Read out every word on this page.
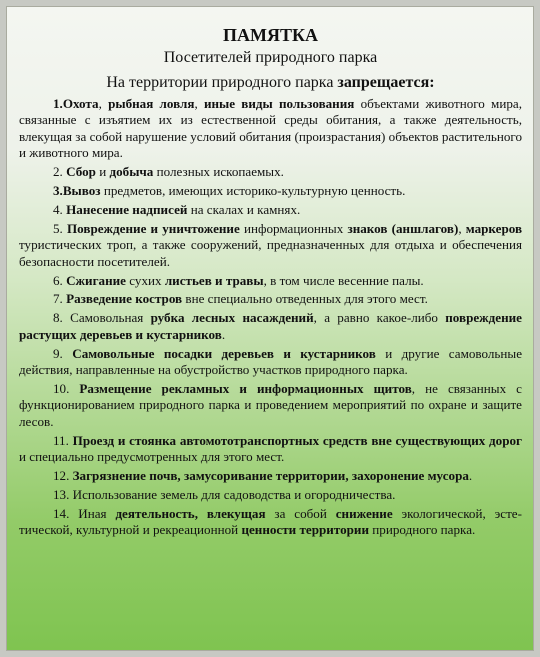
ПАМЯТКА
Посетителей природного парка
На территории природного парка запрещается:
1.Охота, рыбная ловля, иные виды пользования объектами животного мира, связанные с изъятием их из естественной среды обитания, а также деятельность, влекущая за собой нарушение условий обитания (произрастания) объектов растительного и животного мира.
2. Сбор и добыча полезных ископаемых.
3.Вывоз предметов, имеющих историко-культурную ценность.
4. Нанесение надписей на скалах и камнях.
5. Повреждение и уничтожение информационных знаков (аншлагов), маркеров туристических троп, а также сооружений, предназначенных для отдыха и обеспечения безопасности посетителей.
6. Сжигание сухих листьев и травы, в том числе весенние палы.
7. Разведение костров вне специально отведенных для этого мест.
8. Самовольная рубка лесных насаждений, а равно какое-либо повреждение растущих деревьев и кустарников.
9. Самовольные посадки деревьев и кустарников и другие самовольные действия, направленные на обустройство участков природного парка.
10. Размещение рекламных и информационных щитов, не связанных с функционированием природного парка и проведением мероприятий по охране и защите лесов.
11. Проезд и стоянка автомототранспортных средств вне существующих дорог и специально предусмотренных для этого мест.
12. Загрязнение почв, замусоривание территории, захоронение мусора.
13. Использование земель для садоводства и огородничества.
14. Иная деятельность, влекущая за собой снижение экологической, эстетической, культурной и рекреационной ценности территории природного парка.
